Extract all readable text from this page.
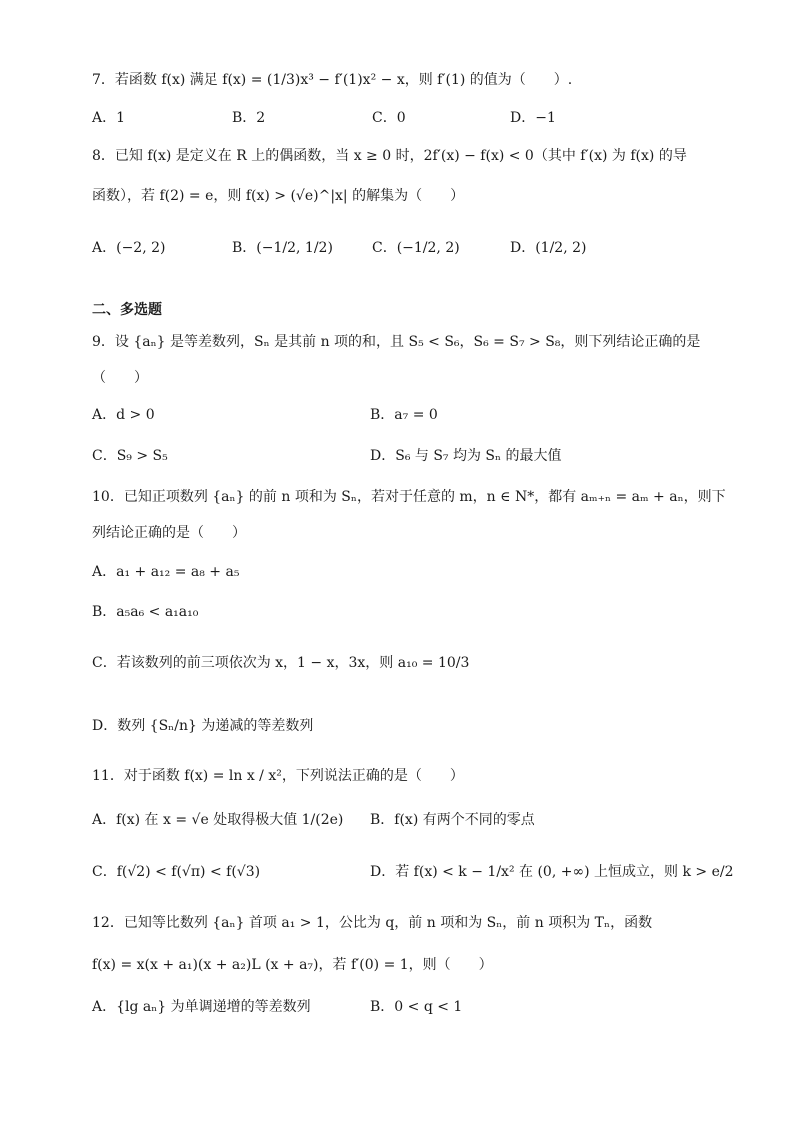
7．若函数 f(x) 满足 f(x) = (1/3)x³ − f′(1)x² − x，则 f′(1) 的值为（　　）.
A．1	B．2	C．0	D．−1
8．已知 f(x) 是定义在 R 上的偶函数，当 x ≥ 0 时，2f′(x) − f(x) < 0（其中 f′(x) 为 f(x) 的导
函数），若 f(2) = e，则 f(x) > (√e)^|x| 的解集为（　　）
A．(−2, 2)	B．(−1/2, 1/2)	C．(−1/2, 2)	D．(1/2, 2)
二、多选题
9．设 {aₙ} 是等差数列，Sₙ 是其前 n 项的和，且 S₅ < S₆，S₆ = S₇ > S₈，则下列结论正确的是
（　　）
A．d > 0	B．a₇ = 0
C．S₉ > S₅	D．S₆ 与 S₇ 均为 Sₙ 的最大值
10．已知正项数列 {aₙ} 的前 n 项和为 Sₙ，若对于任意的 m，n ∈ N*，都有 aₘ₊ₙ = aₘ + aₙ，则下
列结论正确的是（　　）
A．a₁ + a₁₂ = a₈ + a₅
B．a₅a₆ < a₁a₁₀
C．若该数列的前三项依次为 x，1 − x，3x，则 a₁₀ = 10/3
D．数列 {Sₙ/n} 为递减的等差数列
11．对于函数 f(x) = ln x / x²，下列说法正确的是（　　）
A．f(x) 在 x = √e 处取得极大值 1/(2e) B．f(x) 有两个不同的零点
C．f(√2) < f(√π) < f(√3)	D．若 f(x) < k − 1/x² 在 (0, +∞) 上恒成立，则 k > e/2
12．已知等比数列 {aₙ} 首项 a₁ > 1，公比为 q，前 n 项和为 Sₙ，前 n 项积为 Tₙ，函数
f(x) = x(x + a₁)(x + a₂)L (x + a₇)，若 f′(0) = 1，则（　　）
A．{lg aₙ} 为单调递增的等差数列	B．0 < q < 1
